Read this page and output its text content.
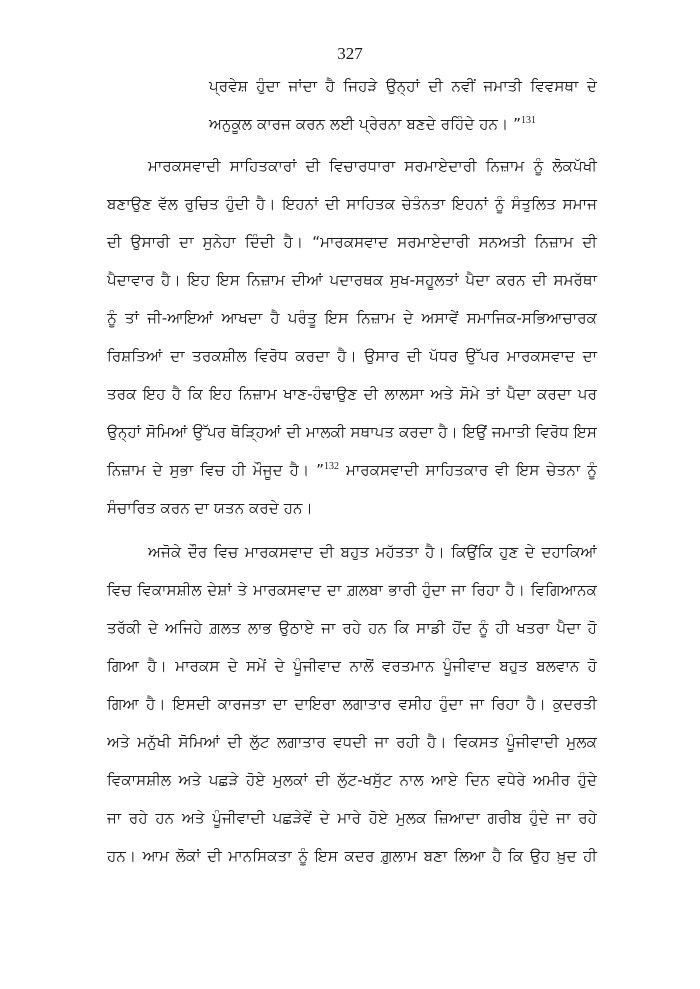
327
ਪ੍ਰਵੇਸ਼ ਹੁੰਦਾ ਜਾਂਦਾ ਹੈ ਜਿਹੜੇ ਉਨ੍ਹਾਂ ਦੀ ਨਵੀਂ ਜਮਾਤੀ ਵਿਵਸਥਾ ਦੇ
ਅਨੁਕੂਲ ਕਾਰਜ ਕਰਨ ਲਈ ਪ੍ਰੇਰਨਾ ਬਣਦੇ ਰਹਿੰਦੇ ਹਨ। ”$^{131}$
ਮਾਰਕਸਵਾਦੀ ਸਾਹਿਤਕਾਰਾਂ ਦੀ ਵਿਚਾਰਧਾਰਾ ਸਰਮਾਏਦਾਰੀ ਨਿਜ਼ਾਮ ਨੂੰ ਲੋਕਪੱਖੀ
ਬਣਾਉਣ ਵੱਲ ਰੁਚਿਤ ਹੁੰਦੀ ਹੈ। ਇਹਨਾਂ ਦੀ ਸਾਹਿਤਕ ਚੇਤੰਨਤਾ ਇਹਨਾਂ ਨੂੰ ਸੰਤੁਲਿਤ ਸਮਾਜ
ਦੀ ਉਸਾਰੀ ਦਾ ਸੁਨੇਹਾ ਦਿੰਦੀ ਹੈ। “ਮਾਰਕਸਵਾਦ ਸਰਮਾਏਦਾਰੀ ਸਨਅਤੀ ਨਿਜ਼ਾਮ ਦੀ
ਪੈਦਾਵਾਰ ਹੈ। ਇਹ ਇਸ ਨਿਜ਼ਾਮ ਦੀਆਂ ਪਦਾਰਥਕ ਸੁਖ-ਸਹੂਲਤਾਂ ਪੈਦਾ ਕਰਨ ਦੀ ਸਮਰੱਥਾ
ਨੂੰ ਤਾਂ ਜੀ-ਆਇਆਂ ਆਖਦਾ ਹੈ ਪਰੰਤੂ ਇਸ ਨਿਜ਼ਾਮ ਦੇ ਅਸਾਵੇਂ ਸਮਾਜਿਕ-ਸਭਿਆਚਾਰਕ
ਰਿਸ਼ਤਿਆਂ ਦਾ ਤਰਕਸ਼ੀਲ ਵਿਰੋਧ ਕਰਦਾ ਹੈ। ਉਸਾਰ ਦੀ ਪੱਧਰ ਉੱਪਰ ਮਾਰਕਸਵਾਦ ਦਾ
ਤਰਕ ਇਹ ਹੈ ਕਿ ਇਹ ਨਿਜ਼ਾਮ ਖਾਣ-ਹੰਢਾਉਣ ਦੀ ਲਾਲਸਾ ਅਤੇ ਸੋਮੇ ਤਾਂ ਪੈਦਾ ਕਰਦਾ ਪਰ
ਉਨ੍ਹਾਂ ਸੋਮਿਆਂ ਉੱਪਰ ਥੋੜ੍ਹਿਆਂ ਦੀ ਮਾਲਕੀ ਸਥਾਪਤ ਕਰਦਾ ਹੈ। ਇਉਂ ਜਮਾਤੀ ਵਿਰੋਧ ਇਸ
ਨਿਜ਼ਾਮ ਦੇ ਸੁਭਾ ਵਿਚ ਹੀ ਮੌਜੂਦ ਹੈ। ”$^{132}$ ਮਾਰਕਸਵਾਦੀ ਸਾਹਿਤਕਾਰ ਵੀ ਇਸ ਚੇਤਨਾ ਨੂੰ
ਸੰਚਾਰਿਤ ਕਰਨ ਦਾ ਯਤਨ ਕਰਦੇ ਹਨ।
ਅਜੋਕੇ ਦੌਰ ਵਿਚ ਮਾਰਕਸਵਾਦ ਦੀ ਬਹੁਤ ਮਹੱਤਤਾ ਹੈ। ਕਿਉਂਕਿ ਹੁਣ ਦੇ ਦਹਾਕਿਆਂ
ਵਿਚ ਵਿਕਾਸਸ਼ੀਲ ਦੇਸ਼ਾਂ ਤੇ ਮਾਰਕਸਵਾਦ ਦਾ ਗ਼ਲਬਾ ਭਾਰੀ ਹੁੰਦਾ ਜਾ ਰਿਹਾ ਹੈ। ਵਿਗਿਆਨਕ
ਤਰੱਕੀ ਦੇ ਅਜਿਹੇ ਗ਼ਲਤ ਲਾਭ ਉਠਾਏ ਜਾ ਰਹੇ ਹਨ ਕਿ ਸਾਡੀ ਹੋਂਦ ਨੂੰ ਹੀ ਖਤਰਾ ਪੈਦਾ ਹੋ
ਗਿਆ ਹੈ। ਮਾਰਕਸ ਦੇ ਸਮੇਂ ਦੇ ਪੂੰਜੀਵਾਦ ਨਾਲੋਂ ਵਰਤਮਾਨ ਪੂੰਜੀਵਾਦ ਬਹੁਤ ਬਲਵਾਨ ਹੋ
ਗਿਆ ਹੈ। ਇਸਦੀ ਕਾਰਜਤਾ ਦਾ ਦਾਇਰਾ ਲਗਾਤਾਰ ਵਸੀਹ ਹੁੰਦਾ ਜਾ ਰਿਹਾ ਹੈ। ਕੁਦਰਤੀ
ਅਤੇ ਮਨੁੱਖੀ ਸੋਮਿਆਂ ਦੀ ਲੁੱਟ ਲਗਾਤਾਰ ਵਧਦੀ ਜਾ ਰਹੀ ਹੈ। ਵਿਕਸਤ ਪੂੰਜੀਵਾਦੀ ਮੁਲਕ
ਵਿਕਾਸਸ਼ੀਲ ਅਤੇ ਪਛੜੇ ਹੋਏ ਮੁਲਕਾਂ ਦੀ ਲੁੱਟ-ਖਸੁੱਟ ਨਾਲ ਆਏ ਦਿਨ ਵਧੇਰੇ ਅਮੀਰ ਹੁੰਦੇ
ਜਾ ਰਹੇ ਹਨ ਅਤੇ ਪੂੰਜੀਵਾਦੀ ਪਛੜੇਵੇਂ ਦੇ ਮਾਰੇ ਹੋਏ ਮੁਲਕ ਜ਼ਿਆਦਾ ਗਰੀਬ ਹੁੰਦੇ ਜਾ ਰਹੇ
ਹਨ। ਆਮ ਲੋਕਾਂ ਦੀ ਮਾਨਸਿਕਤਾ ਨੂੰ ਇਸ ਕਦਰ ਗ਼ੁਲਾਮ ਬਣਾ ਲਿਆ ਹੈ ਕਿ ਉਹ ਖ਼ੁਦ ਹੀ
